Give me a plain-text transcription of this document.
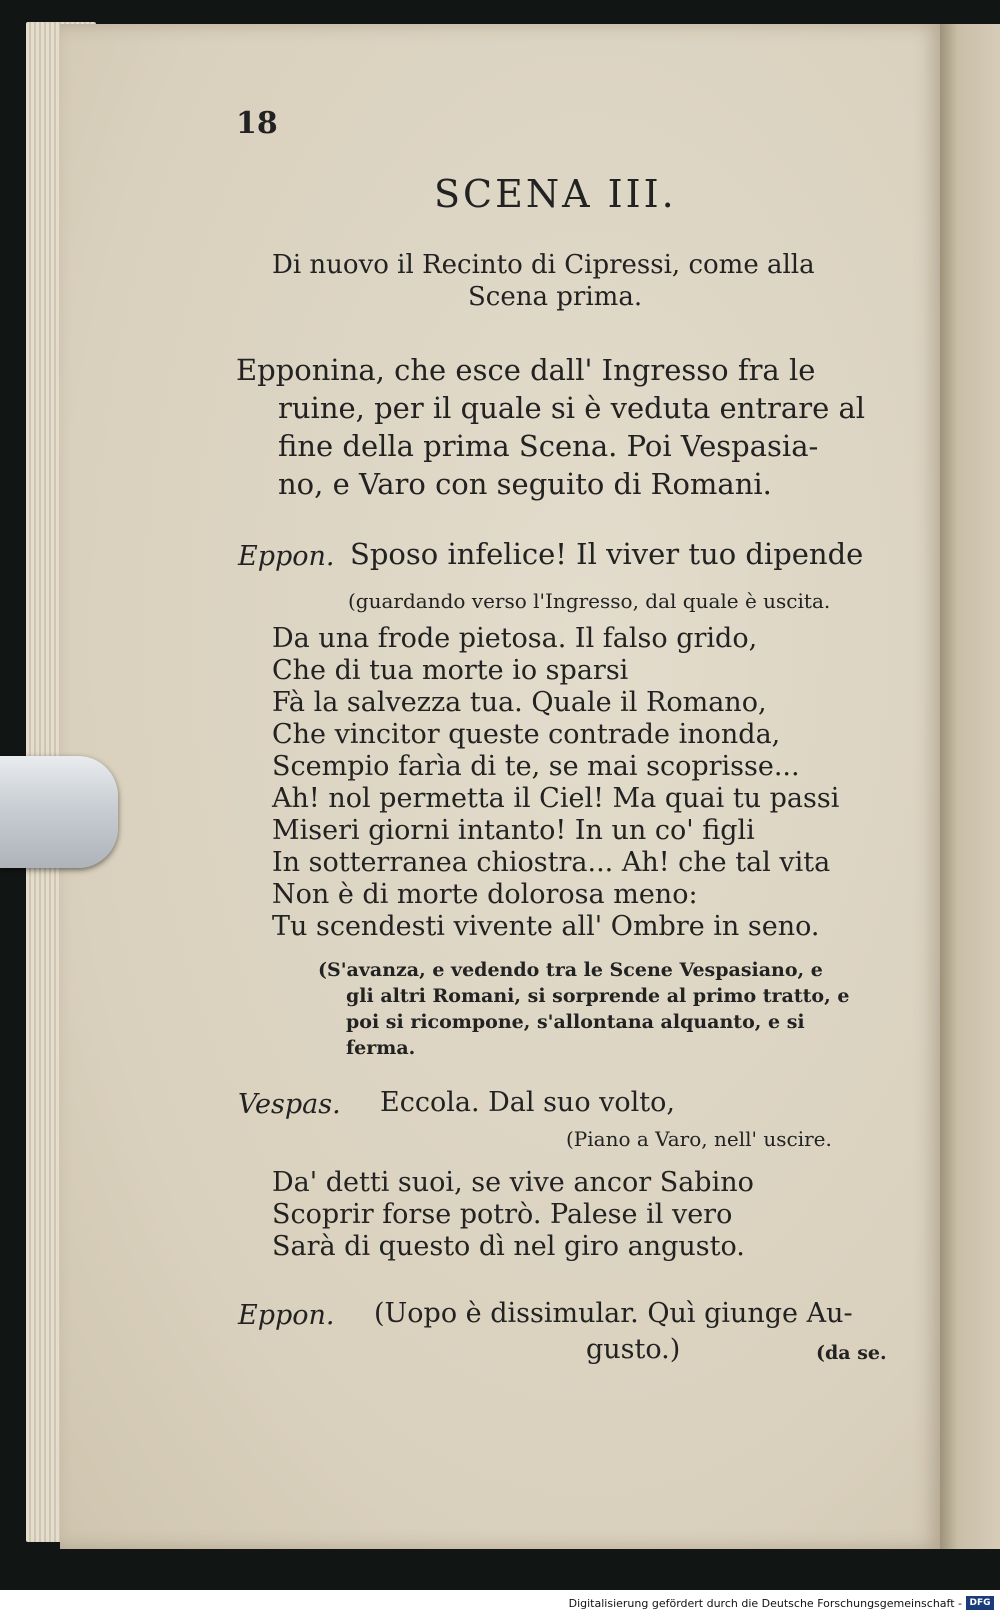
18
SCENA III.
Di nuovo il Recinto di Cipressi, come alla
Scena prima.
Epponina, che esce dall' Ingresso fra le
ruine, per il quale si è veduta entrare al
fine della prima Scena. Poi Vespasia-
no, e Varo con seguito di Romani.
Eppon. Sposo infelice! Il viver tuo dipende
(guardando verso l'Ingresso, dal quale è uscita.
Da una frode pietosa. Il falso grido,
Che di tua morte io sparsi
Fà la salvezza tua. Quale il Romano,
Che vincitor queste contrade inonda,
Scempio farìa di te, se mai scoprisse...
Ah! nol permetta il Ciel! Ma quai tu passi
Miseri giorni intanto! In un co' figli
In sotterranea chiostra... Ah! che tal vita
Non è di morte dolorosa meno:
Tu scendesti vivente all' Ombre in seno.
(S'avanza, e vedendo tra le Scene Vespasiano, e
gli altri Romani, si sorprende al primo tratto, e
poi si ricompone, s'allontana alquanto, e si
ferma.
Vespas. Eccola. Dal suo volto,
(Piano a Varo, nell' uscire.
Da' detti suoi, se vive ancor Sabino
Scoprir forse potrò. Palese il vero
Sarà di questo dì nel giro angusto.
Eppon. (Uopo è dissimular. Quì giunge Au-
gusto.)	(da se.
Digitalisierung gefördert durch die Deutsche Forschungsgemeinschaft - DFG
